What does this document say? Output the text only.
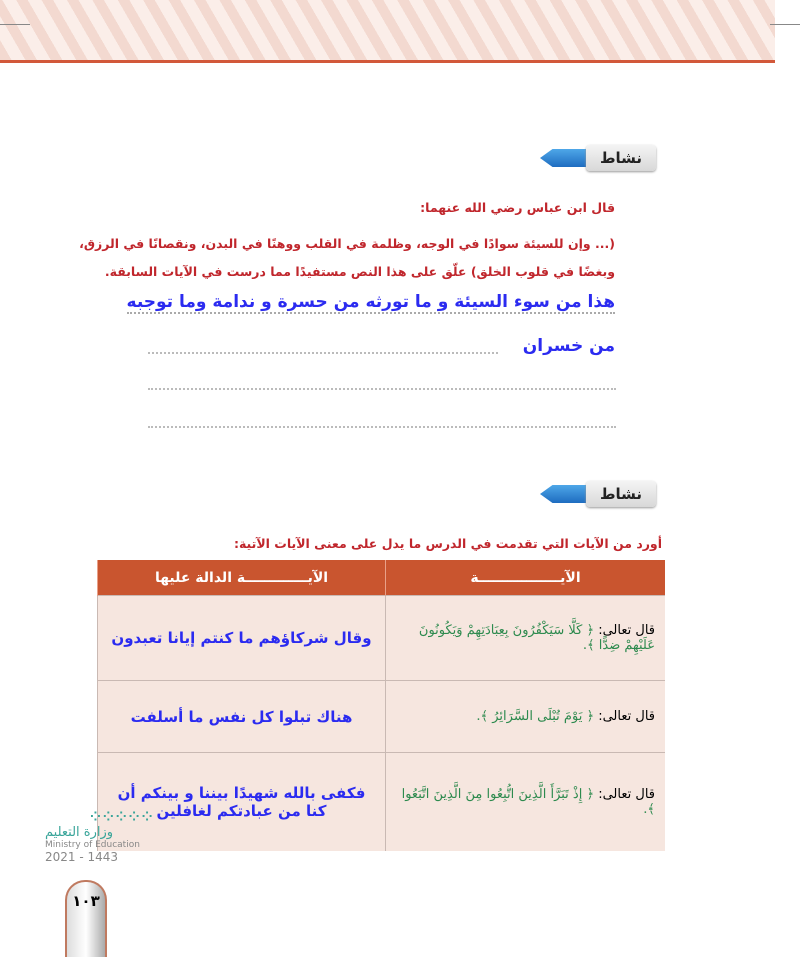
نشاط
قال ابن عباس رضي الله عنهما:
(... وإن للسيئة سوادًا في الوجه، وظلمة في القلب ووهنًا في البدن، ونقصانًا في الرزق،
وبغضًا في قلوب الخلق) علّق على هذا النص مستفيدًا مما درست في الآيات السابقة.
هذا من سوء السيئة و ما تورثه من حسرة و ندامة وما توجبه
من خسران
نشاط
أورد من الآيات التي تقدمت في الدرس ما يدل على معنى الآيات الآتية:
الآيـــــــــــــــــة	الآيـــــــــــــة الدالة عليها
قال تعالى: ﴿ كَلَّا سَيَكْفُرُونَ بِعِبَادَتِهِمْ وَيَكُونُونَ عَلَيْهِمْ ضِدًّا ﴾.	وقال شركاؤهم ما كنتم إيانا تعبدون
قال تعالى: ﴿ يَوْمَ تُبْلَى السَّرَائِرُ ﴾.	هناك تبلوا كل نفس ما أسلفت
قال تعالى: ﴿ إِذْ تَبَرَّأَ الَّذِينَ اتُّبِعُوا مِنَ الَّذِينَ اتَّبَعُوا ﴾.	فكفى بالله شهيدًا بيننا و بينكم أن كنا من عبادتكم لغافلين
⁘⁘⁘⁘⁘
وزارة التعليم
Ministry of Education
2021 - 1443
١٠٣
